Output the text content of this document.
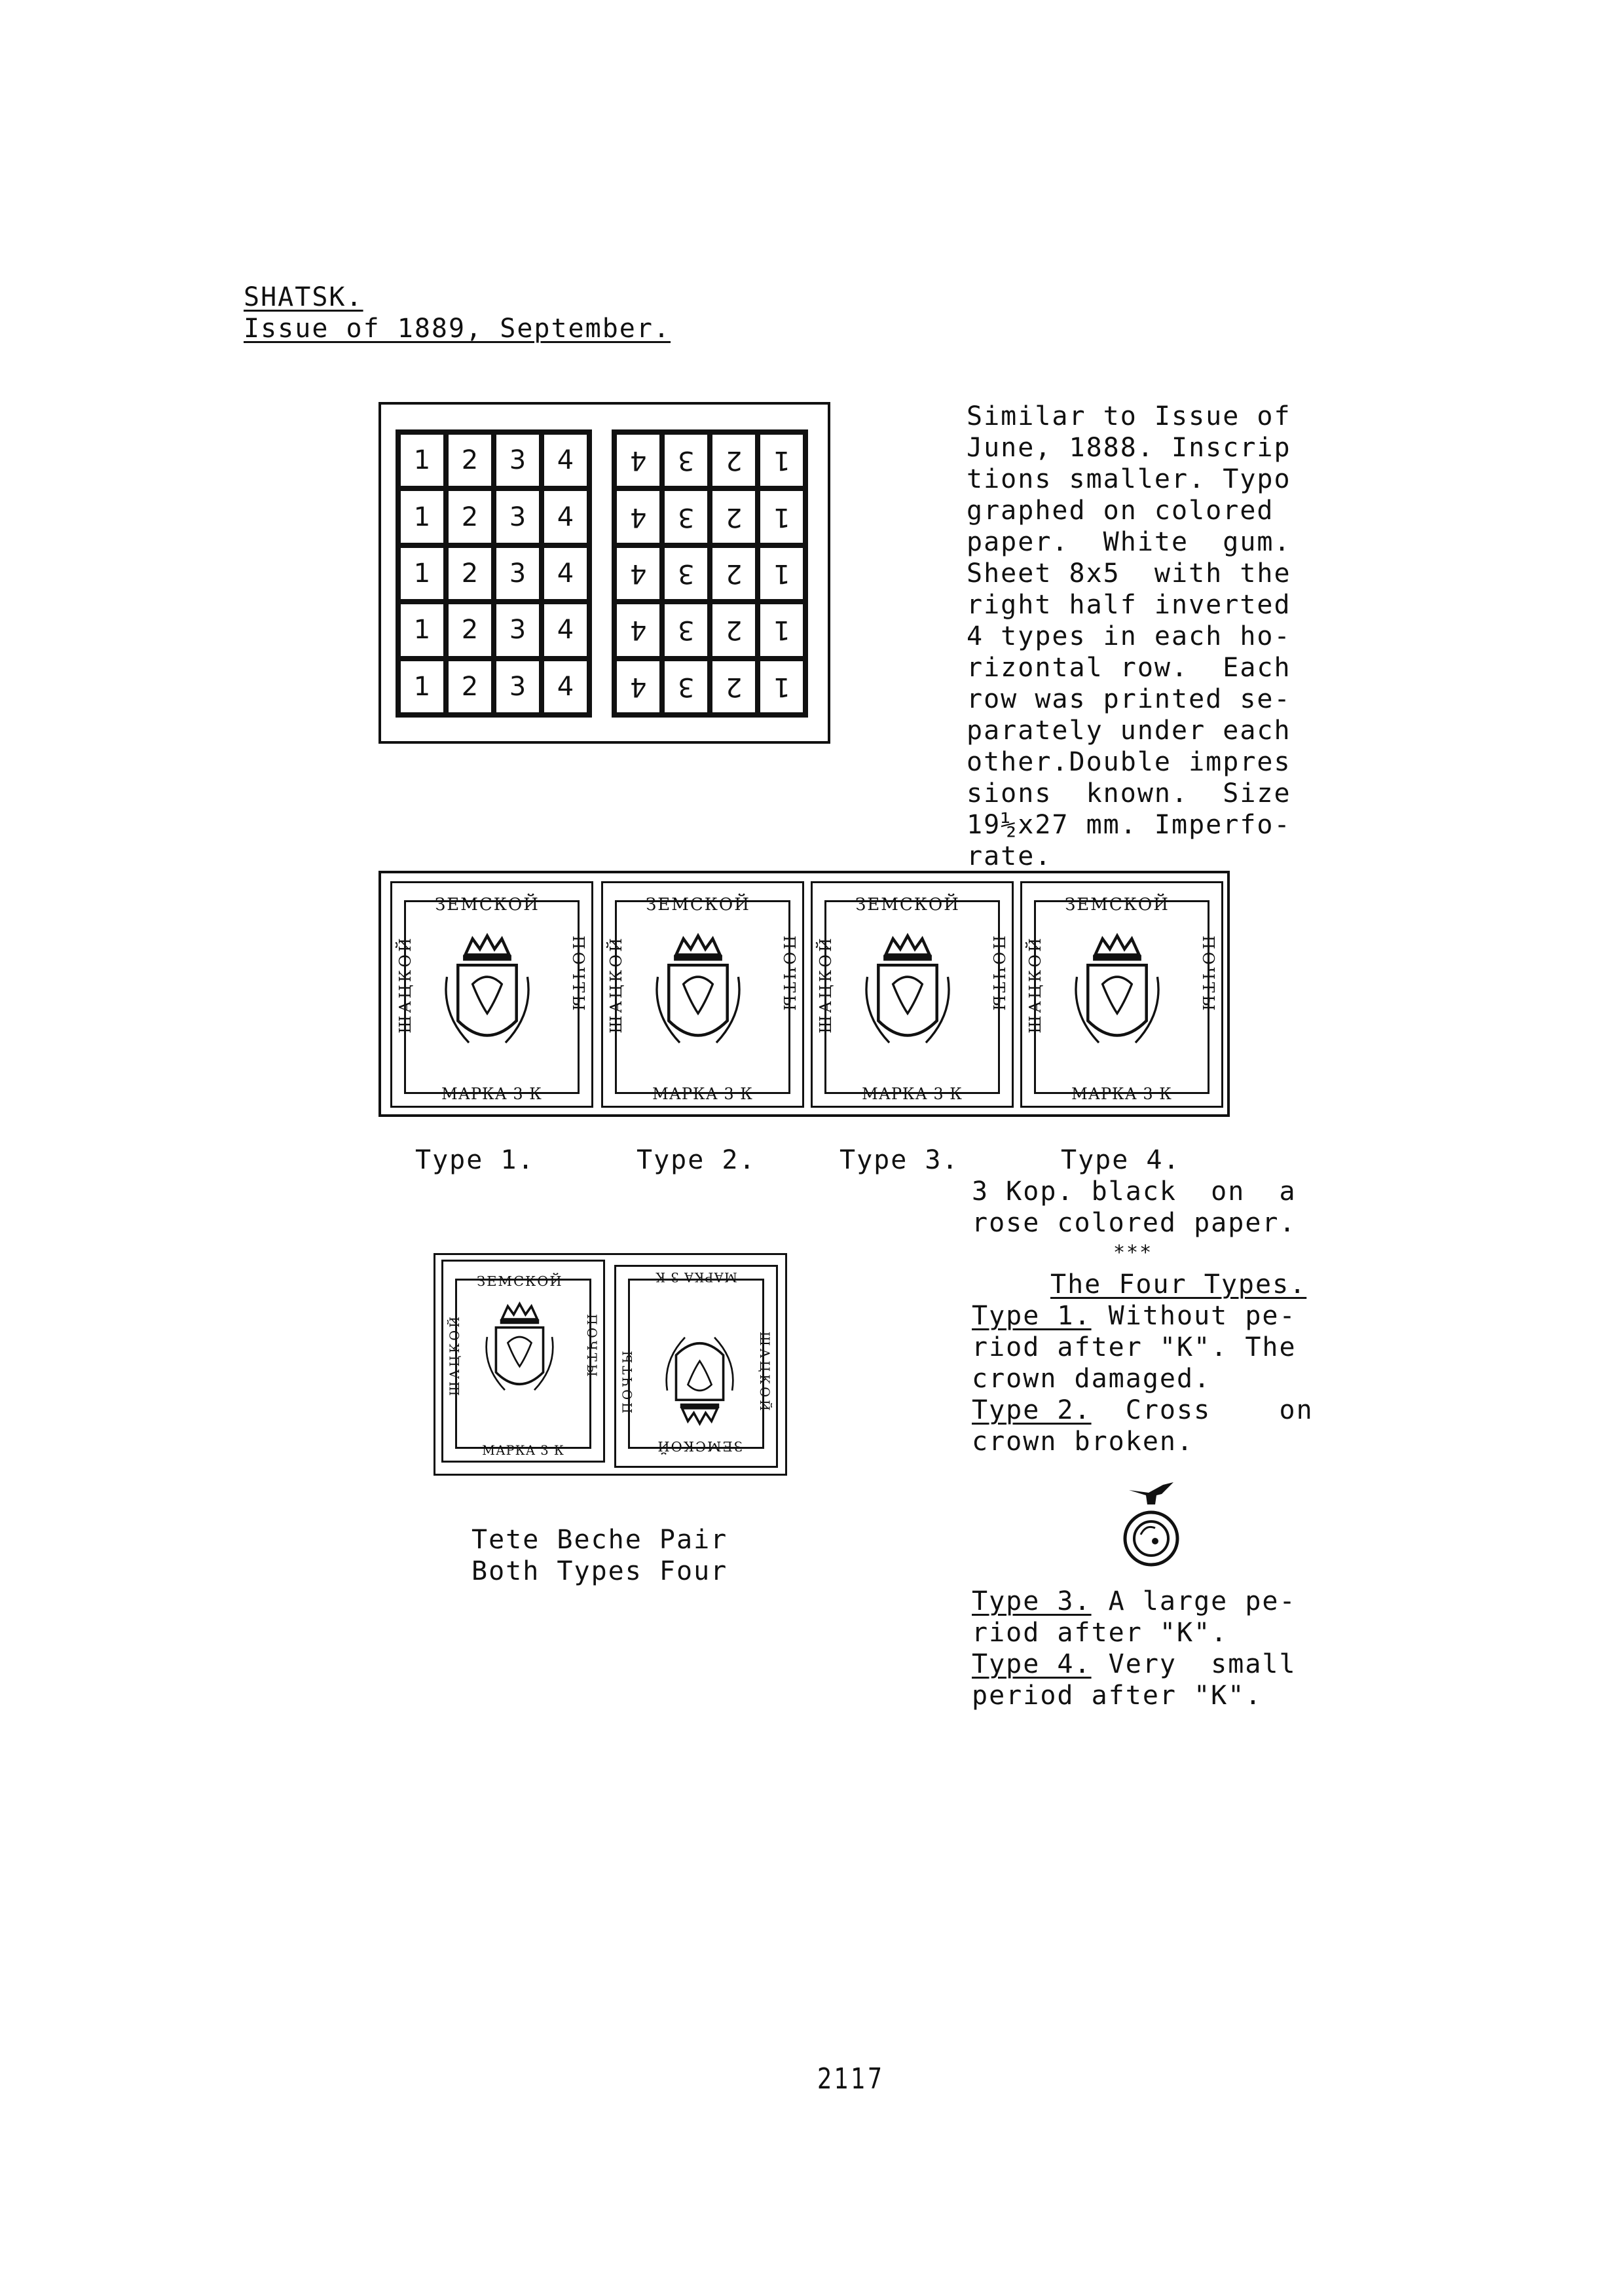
SHATSK.
Issue of 1889, September.
1 2 3 4
1 2 3 4
1 2 3 4
1 2 3 4
1 2 3 4
4 3 2 1
4 3 2 1
4 3 2 1
4 3 2 1
4 3 2 1
Similar to Issue of
June, 1888. Inscrip
tions smaller. Typo
graphed on colored
paper.  White  gum.
Sheet 8x5  with the
right half inverted
4 types in each ho-
rizontal row.  Each
row was printed se-
parately under each
other.Double impres
sions  known.  Size
19½x27 mm. Imperfo-
rate.
ЗЕМСКОЙ
ШАЦКОЙ	ПОЧТЫ
МАРКА 3 К
ЗЕМСКОЙ
ШАЦКОЙ	ПОЧТЫ
МАРКА 3 К
ЗЕМСКОЙ
ШАЦКОЙ	ПОЧТЫ
МАРКА 3 К
ЗЕМСКОЙ
ШАЦКОЙ	ПОЧТЫ
МАРКА 3 К
Type 1.	Type 2.	Type 3.	Type 4.
3 Kop. black  on  a
rose colored paper.
***
The Four Types.
Type 1. Without pe-
riod after "K". The
crown damaged.
Type 2.  Cross    on
crown broken.
Type 3. A large pe-
riod after "K".
Type 4. Very  small
period after "K".
ЗЕМСКОЙ
ШАЦКОЙ	ПОЧТЫ
МАРКА 3 К	ЗЕМСКОЙ
ШАЦКОЙ
ПОЧТЫ
МАРКА 3 К
Tete Beche Pair
Both Types Four
2117
